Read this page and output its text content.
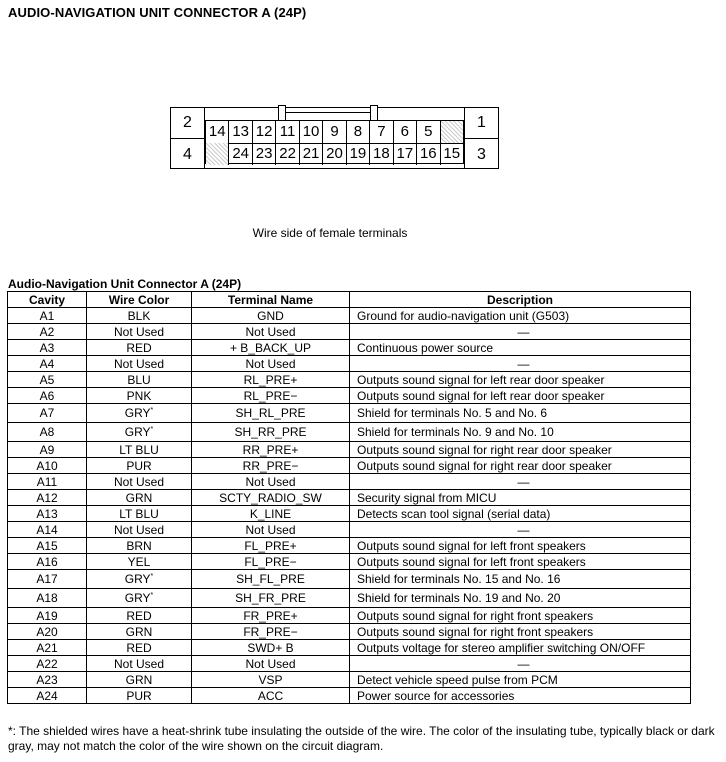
AUDIO-NAVIGATION UNIT CONNECTOR A (24P)
2
4
1
3
14 13 12 11 10 9	8	7	6	5
24 23 22 21 20 19 18 17 16 15
Wire side of female terminals
Audio-Navigation Unit Connector A (24P)
Cavity	Wire Color	Terminal Name	Description
A1	BLK	GND	Ground for audio-navigation unit (G503)
A2	Not Used	Not Used	—
A3	RED	+ B_BACK_UP	Continuous power source
A4	Not Used	Not Used	—
A5	BLU	RL_PRE+	Outputs sound signal for left rear door speaker
A6	PNK	RL_PRE−	Outputs sound signal for left rear door speaker
A7	GRY*	SH_RL_PRE	Shield for terminals No. 5 and No. 6
A8	GRY*	SH_RR_PRE	Shield for terminals No. 9 and No. 10
A9	LT BLU	RR_PRE+	Outputs sound signal for right rear door speaker
A10	PUR	RR_PRE−	Outputs sound signal for right rear door speaker
A11	Not Used	Not Used	—
A12	GRN	SCTY_RADIO_SW	Security signal from MICU
A13	LT BLU	K_LINE	Detects scan tool signal (serial data)
A14	Not Used	Not Used	—
A15	BRN	FL_PRE+	Outputs sound signal for left front speakers
A16	YEL	FL_PRE−	Outputs sound signal for left front speakers
A17	GRY*	SH_FL_PRE	Shield for terminals No. 15 and No. 16
A18	GRY*	SH_FR_PRE	Shield for terminals No. 19 and No. 20
A19	RED	FR_PRE+	Outputs sound signal for right front speakers
A20	GRN	FR_PRE−	Outputs sound signal for right front speakers
A21	RED	SWD+ B	Outputs voltage for stereo amplifier switching ON/OFF
A22	Not Used	Not Used	—
A23	GRN	VSP	Detect vehicle speed pulse from PCM
A24	PUR	ACC	Power source for accessories
*: The shielded wires have a heat-shrink tube insulating the outside of the wire. The color of the insulating tube, typically black or dark gray, may not match the color of the wire shown on the circuit diagram.
